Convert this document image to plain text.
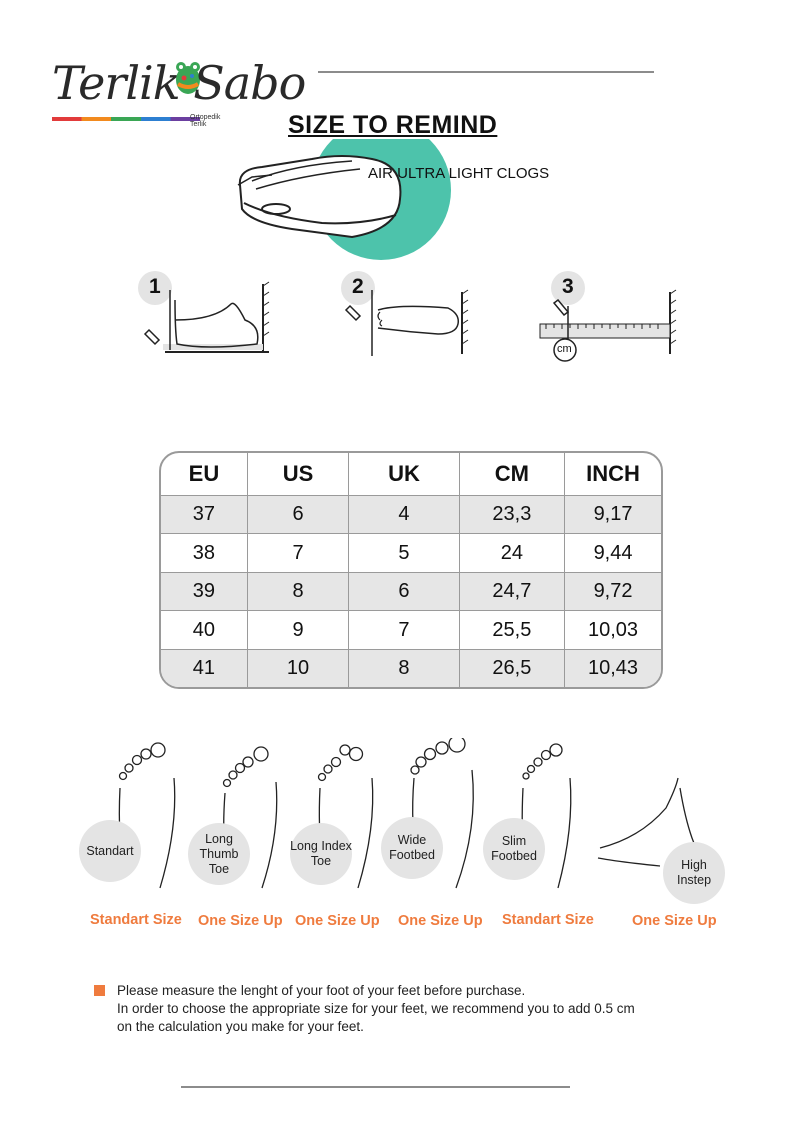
Terlik Sabo
Ortopedik Terlik	SIZE TO REMIND
AIR ULTRA LIGHT CLOGS
1	2	3
cm
EU	US	UK	CM	INCH
37	6	4	23,3	9,17
38	7	5	24	9,44
39	8	6	24,7	9,72
40	9	7	25,5	10,03
41	10	8	26,5	10,43
Standart
Long Thumb Toe
Long Index Toe
Wide Footbed
Slim Footbed
High Instep
Standart Size One Size Up One Size Up One Size Up Standart Size	One Size Up
Please measure the lenght of your foot of your feet before purchase.
In order to choose the appropriate size for your feet, we recommend you to add 0.5 cm
on the calculation you make for your feet.
